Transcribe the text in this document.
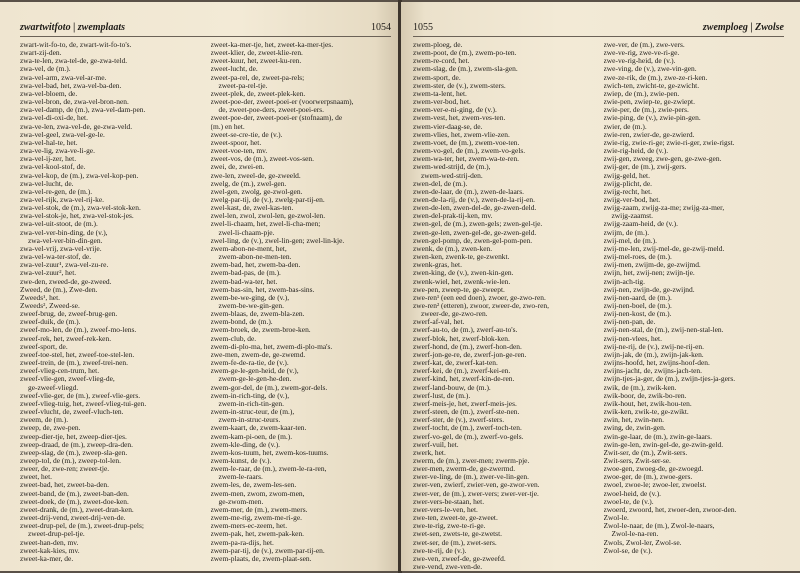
zwartwitfoto | zwemplaats	1054
zwart-wit-fo-to, de, zwart-wit-fo-to's.
zwart-zij-den.
zwa-te-len, zwa-tel-de, ge-zwa-teld.
zwa-vel, de (m.).
zwa-vel-arm, zwa-vel-ar-me.
zwa-vel-bad, het, zwa-vel-ba-den.
zwa-vel-bloem, de.
zwa-vel-bron, de, zwa-vel-bron-nen.
zwa-vel-damp, de (m.), zwa-vel-dam-pen.
zwa-vel-di-oxi-de, het.
zwa-ve-len, zwa-vel-de, ge-zwa-veld.
zwa-vel-geel, zwa-vel-ge-le.
zwa-vel-hal-te, het.
zwa-ve-lig, zwa-ve-li-ge.
zwa-vel-ij-zer, het.
zwa-vel-kool-stof, de.
zwa-vel-kop, de (m.), zwa-vel-kop-pen.
zwa-vel-lucht, de.
zwa-vel-re-gen, de (m.).
zwa-vel-rijk, zwa-vel-rij-ke.
zwa-vel-stok, de (m.), zwa-vel-stok-ken.
zwa-vel-stok-je, het, zwa-vel-stok-jes.
zwa-vel-uit-stoot, de (m.).
zwa-vel-ver-bin-ding, de (v.),
zwa-vel-ver-bin-din-gen.
zwa-vel-vrij, zwa-vel-vrije.
zwa-vel-wa-ter-stof, de.
zwa-vel-zuur¹, zwa-vel-zu-re.
zwa-vel-zuur², het.
zwe-den, zweed-de, ge-zweed.
Zweed, de (m.), Zwe-den.
Zweeds¹, het.
Zweeds², Zweed-se.
zweef-brug, de, zweef-brug-gen.
zweef-duik, de (m.).
zweef-mo-len, de (m.), zweef-mo-lens.
zweef-rek, het, zweef-rek-ken.
zweef-sport, de.
zweef-toe-stel, het, zweef-toe-stel-len.
zweef-trein, de (m.), zweef-trei-nen.
zweef-vlieg-cen-trum, het.
zweef-vlie-gen, zweef-vlieg-de,
ge-zweef-vliegd.
zweef-vlie-ger, de (m.), zweef-vlie-gers.
zweef-vlieg-tuig, het, zweef-vlieg-tui-gen.
zweef-vlucht, de, zweef-vluch-ten.
zweem, de (m.).
zweep, de, zwe-pen.
zweep-dier-tje, het, zweep-dier-tjes.
zweep-draad, de (m.), zweep-dra-den.
zweep-slag, de (m.), zweep-sla-gen.
zweep-tol, de (m.), zweep-tol-len.
zweer, de, zwe-ren; zweer-tje.
zweet, het.
zweet-bad, het, zweet-ba-den.
zweet-band, de (m.), zweet-ban-den.
zweet-doek, de (m.), zweet-doe-ken.
zweet-drank, de (m.), zweet-dran-ken.
zweet-drij-vend, zweet-drij-ven-de.
zweet-drup-pel, de (m.), zweet-drup-pels;
zweet-drup-pel-tje.
zweet-han-den, mv.
zweet-kak-kies, mv.
zweet-ka-mer, de.
zweet-ka-mer-tje, het, zweet-ka-mer-tjes.
zweet-klier, de, zweet-klie-ren.
zweet-kuur, het, zweet-ku-ren.
zweet-lucht, de.
zweet-pa-rel, de, zweet-pa-rels;
zweet-pa-rel-tje.
zweet-plek, de, zweet-plek-ken.
zweet-poe-der, zweet-poei-er (voorwerpsnaam),
de, zweet-poe-ders, zweet-poei-ers.
zweet-poe-der, zweet-poei-er (stofnaam), de
(m.) en het.
zweet-se-cre-tie, de (v.).
zweet-spoor, het.
zweet-voe-ten, mv.
zweet-vos, de (m.), zweet-vos-sen.
zwei, de, zwei-en.
zwe-len, zweel-de, ge-zweeld.
zwelg, de (m.), zwel-gen.
zwel-gen, zwolg, ge-zwol-gen.
zwelg-par-tij, de (v.), zwelg-par-tij-en.
zwel-kast, de, zwel-kas-ten.
zwel-len, zwol, zwol-len, ge-zwol-len.
zwel-li-chaam, het, zwel-li-cha-men;
zwel-li-chaam-pje.
zwel-ling, de (v.), zwel-lin-gen; zwel-lin-kje.
zwem-abon-ne-ment, het,
zwem-abon-ne-men-ten.
zwem-bad, het, zwem-ba-den.
zwem-bad-pas, de (m.).
zwem-bad-wa-ter, het.
zwem-bas-sin, het, zwem-bas-sins.
zwem-be-we-ging, de (v.),
zwem-be-we-gin-gen.
zwem-blaas, de, zwem-bla-zen.
zwem-bond, de (m.).
zwem-broek, de, zwem-broe-ken.
zwem-club, de.
zwem-di-plo-ma, het, zwem-di-plo-ma's.
zwe-men, zwem-de, ge-zwemd.
zwem-fe-de-ra-tie, de (v.).
zwem-ge-le-gen-heid, de (v.),
zwem-ge-le-gen-he-den.
zwem-gor-del, de (m.), zwem-gor-dels.
zwem-in-rich-ting, de (v.),
zwem-in-rich-tin-gen.
zwem-in-struc-teur, de (m.),
zwem-in-struc-teurs.
zwem-kaart, de, zwem-kaar-ten.
zwem-kam-pi-oen, de (m.).
zwem-kle-ding, de (v.).
zwem-kos-tuum, het, zwem-kos-tuums.
zwem-kunst, de (v.).
zwem-le-raar, de (m.), zwem-le-ra-ren,
zwem-le-raars.
zwem-les, de, zwem-les-sen.
zwem-men, zwom, zwom-men,
ge-zwom-men.
zwem-mer, de (m.), zwem-mers.
zwem-me-rig, zwem-me-ri-ge.
zwem-mers-ec-zeem, het.
zwem-pak, het, zwem-pak-ken.
zwem-pa-ra-dijs, het.
zwem-par-tij, de (v.), zwem-par-tij-en.
zwem-plaats, de, zwem-plaat-sen.
1055	zwemploeg | Zwolse
zwem-ploeg, de.
zwem-poot, de (m.), zwem-po-ten.
zwem-re-cord, het.
zwem-slag, de (m.), zwem-sla-gen.
zwem-sport, de.
zwem-ster, de (v.), zwem-sters.
zwem-ta-lent, het.
zwem-ver-bod, het.
zwem-ver-e-ni-ging, de (v.).
zwem-vest, het, zwem-ves-ten.
zwem-vier-daag-se, de.
zwem-vlies, het, zwem-vlie-zen.
zwem-voet, de (m.), zwem-voe-ten.
zwem-vo-gel, de (m.), zwem-vo-gels.
zwem-wa-ter, het, zwem-wa-te-ren.
zwem-wed-strijd, de (m.),
zwem-wed-strij-den.
zwen-del, de (m.).
zwen-de-laar, de (m.), zwen-de-laars.
zwen-de-la-rij, de (v.), zwen-de-la-rij-en.
zwen-de-len, zwen-del-de, ge-zwen-deld.
zwen-del-prak-tij-ken, mv.
zwen-gel, de (m.), zwen-gels; zwen-gel-tje.
zwen-ge-len, zwen-gel-de, ge-zwen-geld.
zwen-gel-pomp, de, zwen-gel-pom-pen.
zwenk, de (m.), zwen-ken.
zwen-ken, zwenk-te, ge-zwenkt.
zwenk-gras, het.
zwen-king, de (v.), zwen-kin-gen.
zwenk-wiel, het, zwenk-wie-len.
zwe-pen, zweep-te, ge-zweept.
zwe-ren¹ (een eed doen), zwoer, ge-zwo-ren.
zwe-ren² (etteren), zwoor, zweer-de, zwo-ren,
zweer-de, ge-zwo-ren.
zwerf-af-val, het.
zwerf-au-to, de (m.), zwerf-au-to's.
zwerf-blok, het, zwerf-blok-ken.
zwerf-hond, de (m.), zwerf-hon-den.
zwerf-jon-ge-re, de, zwerf-jon-ge-ren.
zwerf-kat, de, zwerf-kat-ten.
zwerf-kei, de (m.), zwerf-kei-en.
zwerf-kind, het, zwerf-kin-de-ren.
zwerf-land-bouw, de (m.).
zwerf-lust, de (m.).
zwerf-meis-je, het, zwerf-meis-jes.
zwerf-steen, de (m.), zwerf-ste-nen.
zwerf-ster, de (v.), zwerf-sters.
zwerf-tocht, de (m.), zwerf-toch-ten.
zwerf-vo-gel, de (m.), zwerf-vo-gels.
zwerf-vuil, het.
zwerk, het.
zwerm, de (m.), zwer-men; zwerm-pje.
zwer-men, zwerm-de, ge-zwermd.
zwer-ve-ling, de (m.), zwer-ve-lin-gen.
zwer-ven, zwierf, zwier-ven, ge-zwor-ven.
zwer-ver, de (m.), zwer-vers; zwer-ver-tje.
zwer-vers-be-staan, het.
zwer-vers-le-ven, het.
zwe-ten, zweet-te, ge-zweet.
zwe-te-rig, zwe-te-ri-ge.
zwet-sen, zwets-te, ge-zwetst.
zwet-ser, de (m.), zwet-sers.
zwe-te-rij, de (v.).
zwe-ven, zweef-de, ge-zweefd.
zwe-vend, zwe-ven-de.
zwe-ver, de (m.), zwe-vers.
zwe-ve-rig, zwe-ve-ri-ge.
zwe-ve-rig-heid, de (v.).
zwe-ving, de (v.), zwe-vin-gen.
zwe-ze-rik, de (m.), zwe-ze-ri-ken.
zwich-ten, zwicht-te, ge-zwicht.
zwiep, de (m.), zwie-pen.
zwie-pen, zwiep-te, ge-zwiept.
zwie-per, de (m.), zwie-pers.
zwie-ping, de (v.), zwie-pin-gen.
zwier, de (m.).
zwie-ren, zwier-de, ge-zwierd.
zwie-rig, zwie-ri-ge; zwie-ri-ger, zwie-rigst.
zwie-rig-heid, de (v.).
zwij-gen, zweeg, zwe-gen, ge-zwe-gen.
zwij-ger, de (m.), zwij-gers.
zwijg-geld, het.
zwijg-plicht, de.
zwijg-recht, het.
zwijg-ver-bod, het.
zwijg-zaam, zwijg-za-me; zwijg-za-mer,
zwijg-zaamst.
zwijg-zaam-heid, de (v.).
zwijm, de (m.).
zwij-mel, de (m.).
zwij-me-len, zwij-mel-de, ge-zwij-meld.
zwij-mel-roes, de (m.).
zwij-men, zwijm-de, ge-zwijmd.
zwijn, het, zwij-nen; zwijn-tje.
zwijn-ach-tig.
zwij-nen, zwijn-de, ge-zwijnd.
zwij-nen-aard, de (m.).
zwij-nen-boel, de (m.).
zwij-nen-kost, de (m.).
zwij-nen-pan, de.
zwij-nen-stal, de (m.), zwij-nen-stal-len.
zwij-nen-vlees, het.
zwij-ne-rij, de (v.), zwij-ne-rij-en.
zwijn-jak, de (m.), zwijn-jak-ken.
zwijns-hoofd, het, zwijns-hoof-den.
zwijns-jacht, de, zwijns-jach-ten.
zwijn-tjes-ja-ger, de (m.), zwijn-tjes-ja-gers.
zwik, de (m.), zwik-ken.
zwik-boor, de, zwik-bo-ren.
zwik-hout, het, zwik-hou-ten.
zwik-ken, zwik-te, ge-zwikt.
zwin, het, zwin-nen.
zwing, de, zwin-gen.
zwin-ge-laar, de (m.), zwin-ge-laars.
zwin-ge-len, zwin-gel-de, ge-zwin-geld.
Zwit-ser, de (m.), Zwit-sers.
Zwit-sers, Zwit-ser-se.
zwoe-gen, zwoeg-de, ge-zwoegd.
zwoe-ger, de (m.), zwoe-gers.
zwoel, zwoe-le; zwoe-ler, zwoelst.
zwoel-heid, de (v.).
zwoel-te, de (v.).
zwoerd, zwoord, het, zwoer-den, zwoor-den.
Zwol-le.
Zwol-le-naar, de (m.), Zwol-le-naars,
Zwol-le-na-ren.
Zwols, Zwol-ler, Zwol-se.
Zwol-se, de (v.).
